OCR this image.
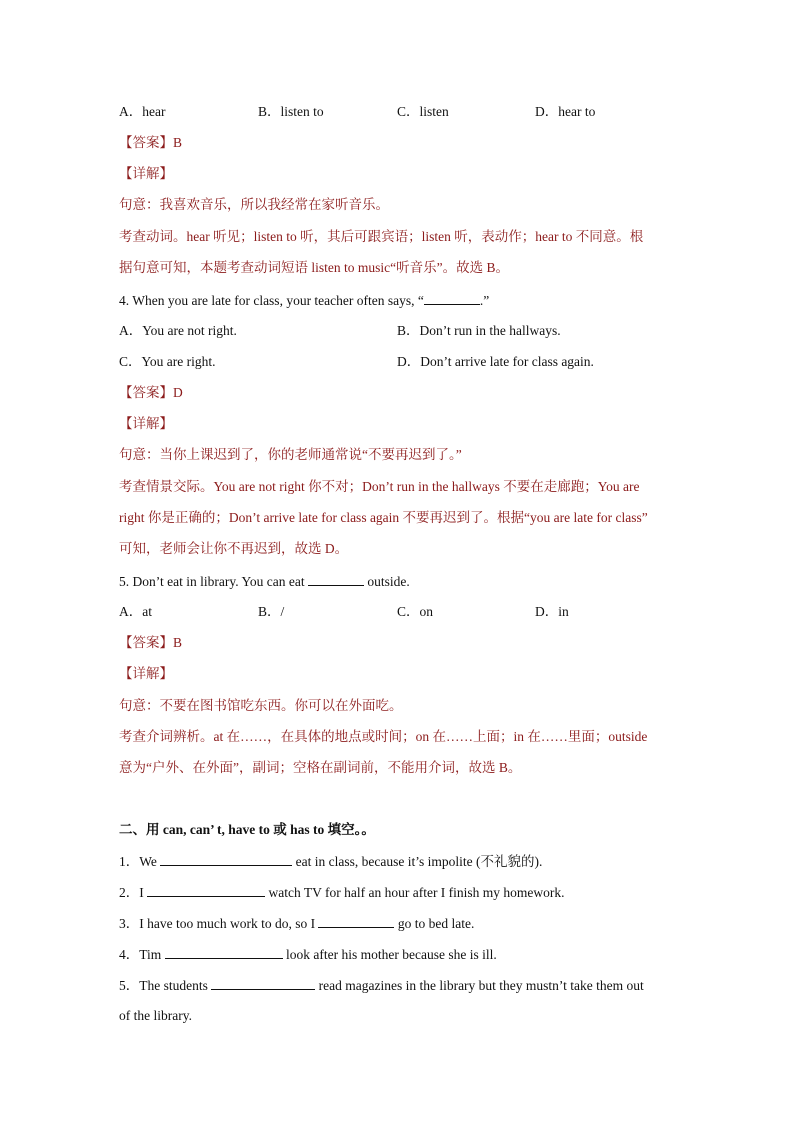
A．hear	B．listen to	C．listen	D．hear to
【答案】B
【详解】
句意：我喜欢音乐，所以我经常在家听音乐。
考查动词。hear 听见；listen to 听，其后可跟宾语；listen 听，表动作；hear to 不同意。根
据句意可知，本题考查动词短语 listen to music“听音乐”。故选 B。
4. When you are late for class, your teacher often says, “	.”
A．You are not right.	B．Don’t run in the hallways.
C．You are right.	D．Don’t arrive late for class again.
【答案】D
【详解】
句意：当你上课迟到了，你的老师通常说“不要再迟到了。”
考查情景交际。You are not right 你不对；Don’t run in the hallways 不要在走廊跑；You are
right 你是正确的；Don’t arrive late for class again 不要再迟到了。根据“you are late for class”
可知，老师会让你不再迟到，故选 D。
5. Don’t eat in library. You can eat	outside.
A．at	B．/	C．on	D．in
【答案】B
【详解】
句意：不要在图书馆吃东西。你可以在外面吃。
考查介词辨析。at 在……，在具体的地点或时间；on 在……上面；in 在……里面；outside
意为“户外、在外面”，副词；空格在副词前，不能用介词，故选 B。
二、用 can, can’ t, have to 或 has to 填空。。
1．We	eat in class, because it’s impolite (不礼貌的).
2．I	watch TV for half an hour after I finish my homework.
3．I have too much work to do, so I	go to bed late.
4．Tim	look after his mother because she is ill.
5．The students	read magazines in the library but they mustn’t take them out
of the library.
